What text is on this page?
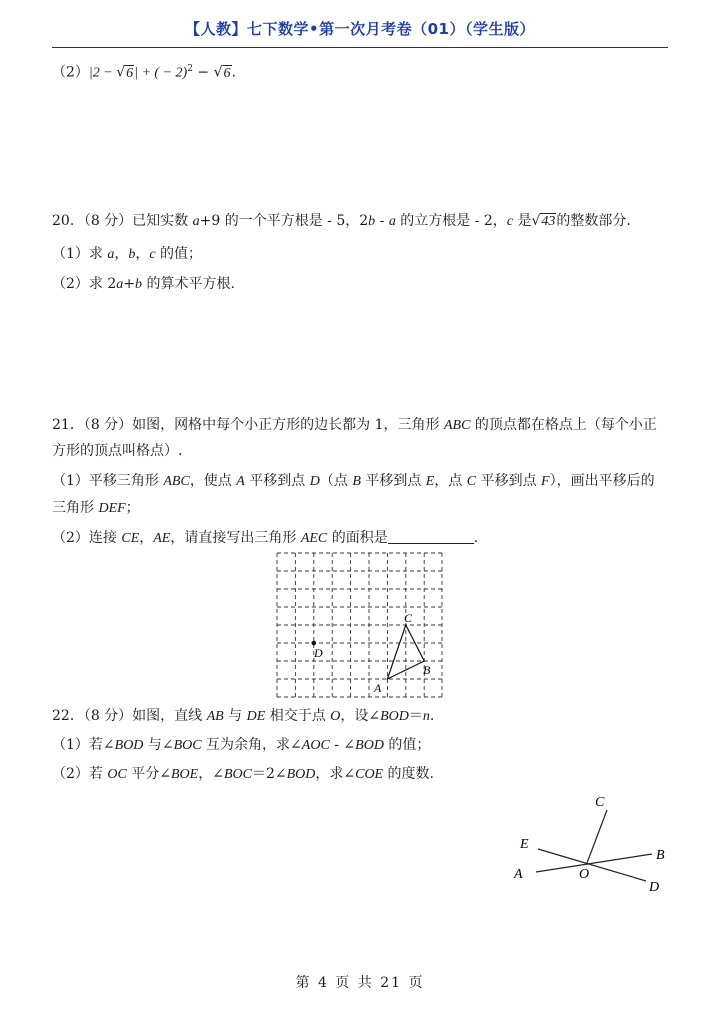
【人教】七下数学•第一次月考卷（01）（学生版）
（2）|2 − √6| + ( − 2)$^2$ − √6.
20．（8 分）已知实数 a+9 的一个平方根是 - 5，2b - a 的立方根是 - 2，c 是√43的整数部分.
（1）求 a，b，c 的值；
（2）求 2a+b 的算术平方根.
21．（8 分）如图，网格中每个小正方形的边长都为 1，三角形 ABC 的顶点都在格点上（每个小正
方形的顶点叫格点）.
（1）平移三角形 ABC，使点 A 平移到点 D（点 B 平移到点 E，点 C 平移到点 F），画出平移后的
三角形 DEF；
（2）连接 CE，AE，请直接写出三角形 AEC 的面积是	.
C
B
A
D
22．（8 分）如图，直线 AB 与 DE 相交于点 O，设∠BOD＝n.
（1）若∠BOD 与∠BOC 互为余角，求∠AOC - ∠BOD 的值；
（2）若 OC 平分∠BOE，∠BOC＝2∠BOD，求∠COE 的度数.
C
E
B
A	O
D
第 4 页 共 21 页
